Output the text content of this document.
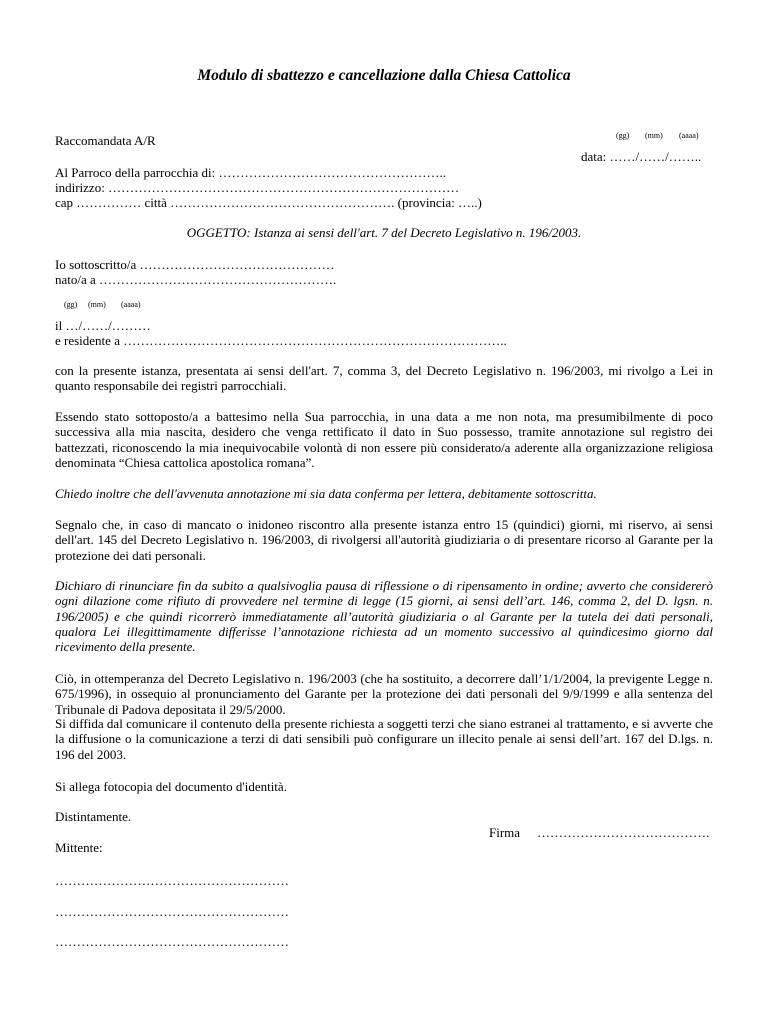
Modulo di sbattezzo e cancellazione dalla Chiesa Cattolica
Raccomandata A/R	(gg) (mm) (aaaa)
data: ……/……/……..
Al Parroco della parrocchia di: ……………………………………………..
indirizzo: ………………………………………………………………………
cap …………… città ……………………………………………. (provincia: …..)
OGGETTO: Istanza ai sensi dell'art. 7 del Decreto Legislativo n. 196/2003.
Io sottoscritto/a ………………………………………
nato/a a ……………………………………………….
(gg) (mm) (aaaa)
il …/……/………
e residente a ……………………………………………………………………………..
con la presente istanza, presentata ai sensi dell'art. 7, comma 3, del Decreto Legislativo n. 196/2003, mi rivolgo a Lei in quanto responsabile dei registri parrocchiali.
Essendo stato sottoposto/a a battesimo nella Sua parrocchia, in una data a me non nota, ma presumibilmente di poco successiva alla mia nascita, desidero che venga rettificato il dato in Suo possesso, tramite annotazione sul registro dei battezzati, riconoscendo la mia inequivocabile volontà di non essere più considerato/a aderente alla organizzazione religiosa denominata “Chiesa cattolica apostolica romana”.
Chiedo inoltre che dell'avvenuta annotazione mi sia data conferma per lettera, debitamente sottoscritta.
Segnalo che, in caso di mancato o inidoneo riscontro alla presente istanza entro 15 (quindici) giorni, mi riservo, ai sensi dell'art. 145 del Decreto Legislativo n. 196/2003, di rivolgersi all'autorità giudiziaria o di presentare ricorso al Garante per la protezione dei dati personali.
Dichiaro di rinunciare fin da subito a qualsivoglia pausa di riflessione o di ripensamento in ordine; avverto che considererò ogni dilazione come rifiuto di provvedere nel termine di legge (15 giorni, ai sensi dell’art. 146, comma 2, del D. lgsn. n. 196/2005) e che quindi ricorrerò immediatamente all’autorità giudiziaria o al Garante per la tutela dei dati personali, qualora Lei illegittimamente differisse l’annotazione richiesta ad un momento successivo al quindicesimo giorno dal ricevimento della presente.
Ciò, in ottemperanza del Decreto Legislativo n. 196/2003 (che ha sostituito, a decorrere dall’1/1/2004, la previgente Legge n. 675/1996), in ossequio al pronunciamento del Garante per la protezione dei dati personali del 9/9/1999 e alla sentenza del Tribunale di Padova depositata il 29/5/2000.
Si diffida dal comunicare il contenuto della presente richiesta a soggetti terzi che siano estranei al trattamento, e si avverte che la diffusione o la comunicazione a terzi di dati sensibili può configurare un illecito penale ai sensi dell’art. 167 del D.lgs. n. 196 del 2003.
Si allega fotocopia del documento d'identità.
Distintamente.
Firma ………………………………….
Mittente:
………………………………………………
………………………………………………
………………………………………………
